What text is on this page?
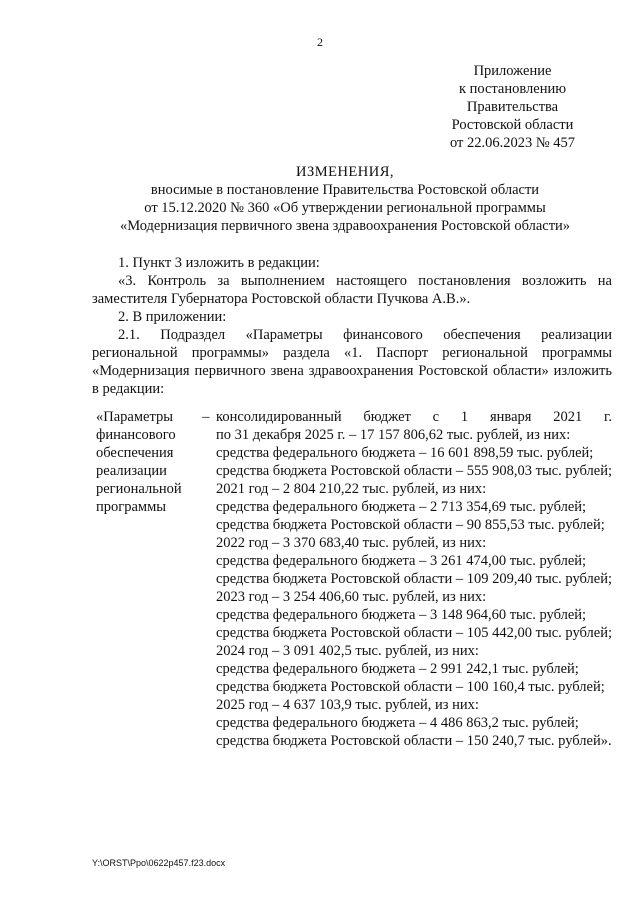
2
Приложение
к постановлению
Правительства
Ростовской области
от 22.06.2023 № 457
ИЗМЕНЕНИЯ,
вносимые в постановление Правительства Ростовской области
от 15.12.2020 № 360 «Об утверждении региональной программы
«Модернизация первичного звена здравоохранения Ростовской области»

1. Пункт 3 изложить в редакции:

«3. Контроль за выполнением настоящего постановления возложить на заместителя Губернатора Ростовской области Пучкова А.В.».

2. В приложении:

2.1. Подраздел «Параметры финансового обеспечения реализации региональной программы» раздела «1. Паспорт региональной программы «Модернизация первичного звена здравоохранения Ростовской области» изложить в редакции:

«Параметры
финансового
обеспечения
реализации
региональной
программы
– консолидированный бюджет с 1 января 2021 г.
по 31 декабря 2025 г. – 17 157 806,62 тыс. рублей, из них:
средства федерального бюджета – 16 601 898,59 тыс. рублей;
средства бюджета Ростовской области – 555 908,03 тыс. рублей;
2021 год – 2 804 210,22 тыс. рублей, из них:
средства федерального бюджета – 2 713 354,69 тыс. рублей;
средства бюджета Ростовской области – 90 855,53 тыс. рублей;
2022 год – 3 370 683,40 тыс. рублей, из них:
средства федерального бюджета – 3 261 474,00 тыс. рублей;
средства бюджета Ростовской области – 109 209,40 тыс. рублей;
2023 год – 3 254 406,60 тыс. рублей, из них:
средства федерального бюджета – 3 148 964,60 тыс. рублей;
средства бюджета Ростовской области – 105 442,00 тыс. рублей;
2024 год – 3 091 402,5 тыс. рублей, из них:
средства федерального бюджета – 2 991 242,1 тыс. рублей;
средства бюджета Ростовской области – 100 160,4 тыс. рублей;
2025 год – 4 637 103,9 тыс. рублей, из них:
средства федерального бюджета – 4 486 863,2 тыс. рублей;
средства бюджета Ростовской области – 150 240,7 тыс. рублей».
Y:\ORST\Ppo\0622p457.f23.docx
